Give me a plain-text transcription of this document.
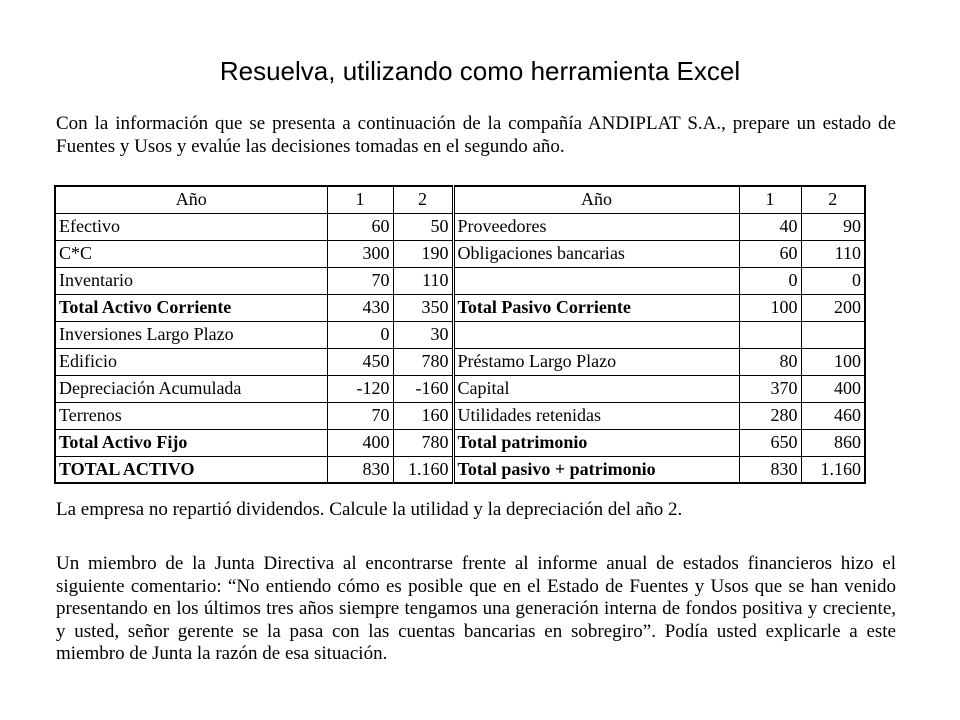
Resuelva, utilizando como herramienta Excel
Con la información que se presenta a continuación de la compañía ANDIPLAT S.A., prepare un estado de Fuentes y Usos y evalúe las decisiones tomadas en el segundo año.
Año	1	2	Año	1	2
Efectivo	60	50	Proveedores	40	90
C*C	300	190	Obligaciones bancarias	60	110
Inventario	70	110		0	0
Total Activo Corriente	430	350	Total Pasivo Corriente	100	200
Inversiones Largo Plazo	0	30			
Edificio	450	780	Préstamo Largo Plazo	80	100
Depreciación Acumulada	-120	-160	Capital	370	400
Terrenos	70	160	Utilidades retenidas	280	460
Total Activo Fijo	400	780	Total patrimonio	650	860
TOTAL ACTIVO	830	1.160	Total pasivo + patrimonio	830	1.160
La empresa no repartió dividendos. Calcule la utilidad y la depreciación del año 2.
Un miembro de la Junta Directiva al encontrarse frente al informe anual de estados financieros hizo el siguiente comentario: “No entiendo cómo es posible que en el Estado de Fuentes y Usos que se han venido presentando en los últimos tres años siempre tengamos una generación interna de fondos positiva y creciente, y usted, señor gerente se la pasa con las cuentas bancarias en sobregiro”. Podía usted explicarle a este miembro de Junta la razón de esa situación.
